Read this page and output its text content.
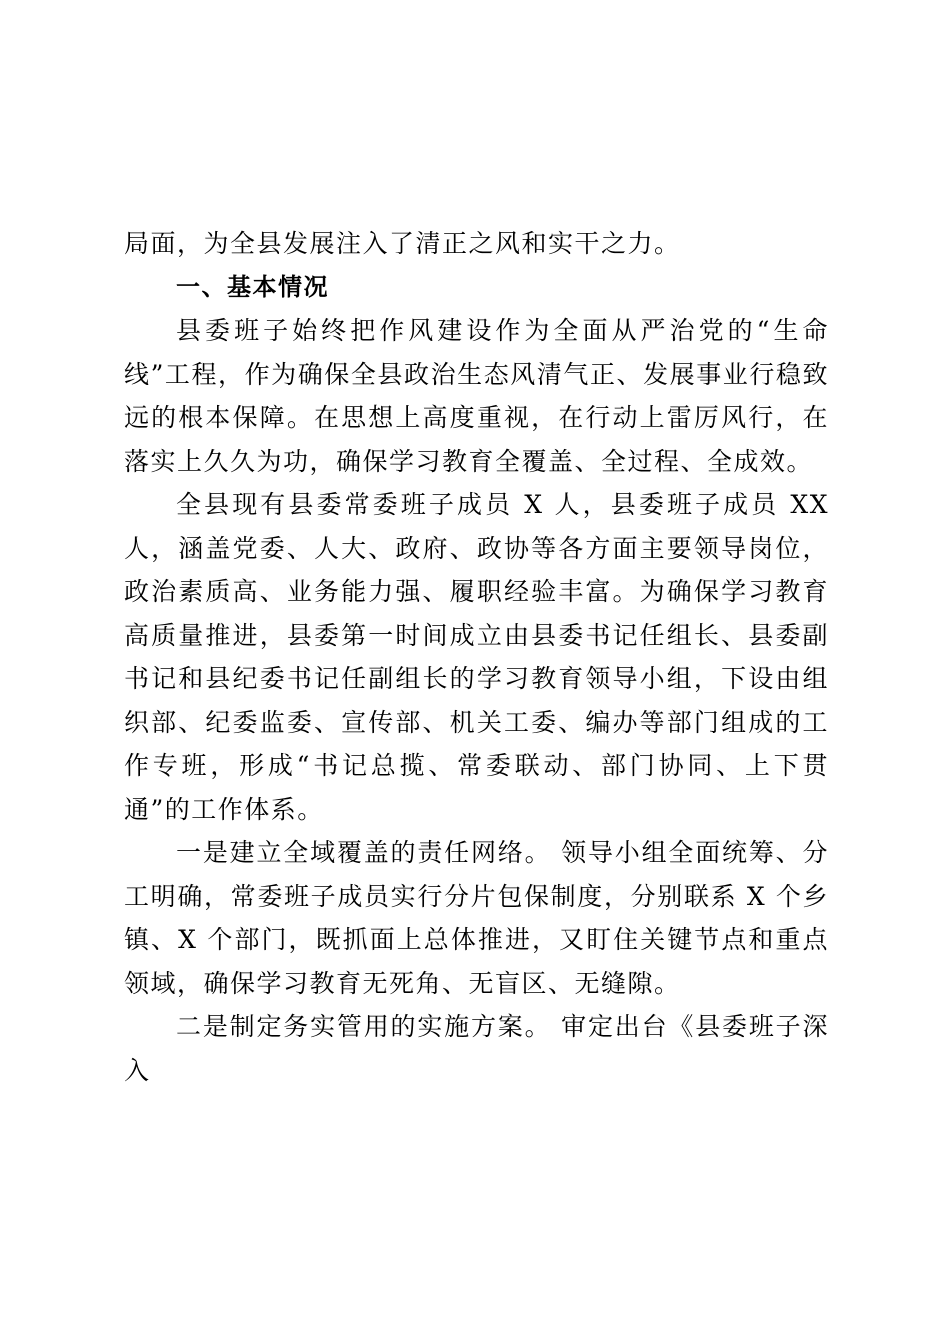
局面，为全县发展注入了清正之风和实干之力。

一、基本情况

县委班子始终把作风建设作为全面从严治党的“生命线”工程，作为确保全县政治生态风清气正、发展事业行稳致远的根本保障。在思想上高度重视，在行动上雷厉风行，在落实上久久为功，确保学习教育全覆盖、全过程、全成效。

全县现有县委常委班子成员 X 人，县委班子成员 XX 人，涵盖党委、人大、政府、政协等各方面主要领导岗位，政治素质高、业务能力强、履职经验丰富。为确保学习教育高质量推进，县委第一时间成立由县委书记任组长、县委副书记和县纪委书记任副组长的学习教育领导小组，下设由组织部、纪委监委、宣传部、机关工委、编办等部门组成的工作专班，形成“书记总揽、常委联动、部门协同、上下贯通”的工作体系。

一是建立全域覆盖的责任网络。 领导小组全面统筹、分工明确，常委班子成员实行分片包保制度，分别联系 X 个乡镇、X 个部门，既抓面上总体推进，又盯住关键节点和重点领域，确保学习教育无死角、无盲区、无缝隙。

二是制定务实管用的实施方案。 审定出台《县委班子深入
